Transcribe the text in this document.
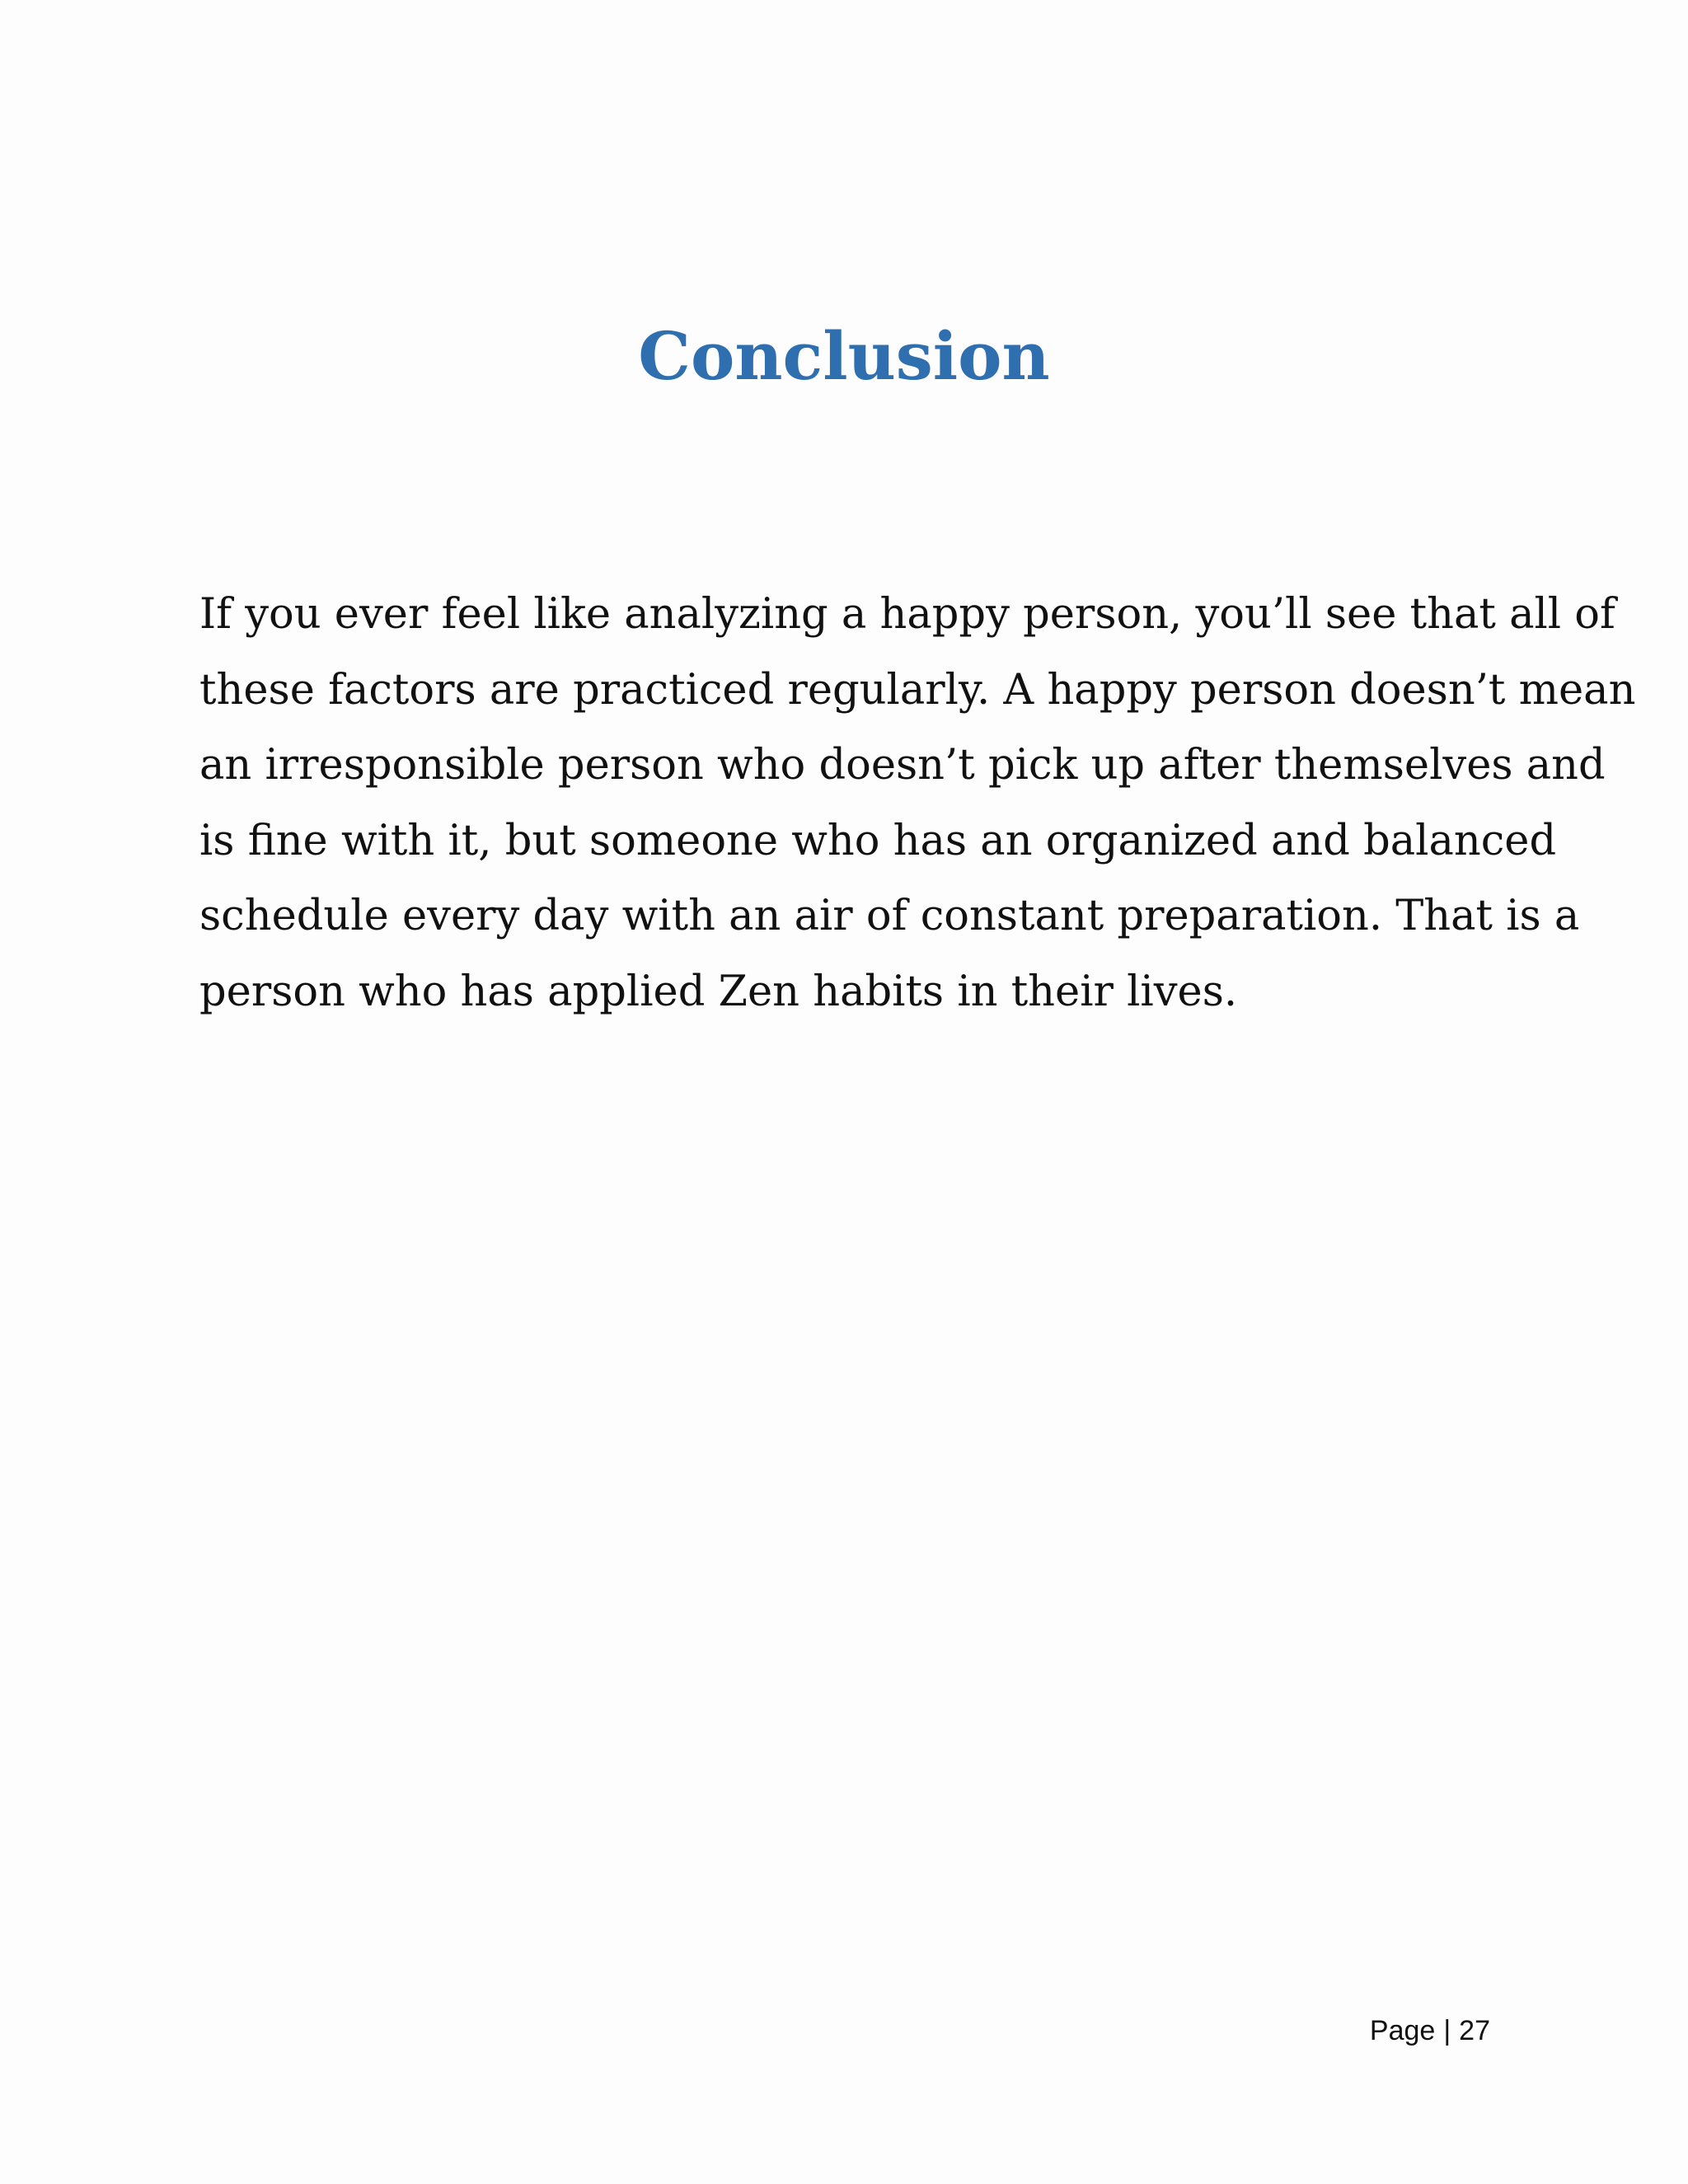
Conclusion
If you ever feel like analyzing a happy person, you’ll see that all of
these factors are practiced regularly. A happy person doesn’t mean
an irresponsible person who doesn’t pick up after themselves and
is fine with it, but someone who has an organized and balanced
schedule every day with an air of constant preparation. That is a
person who has applied Zen habits in their lives.
Page | 27
